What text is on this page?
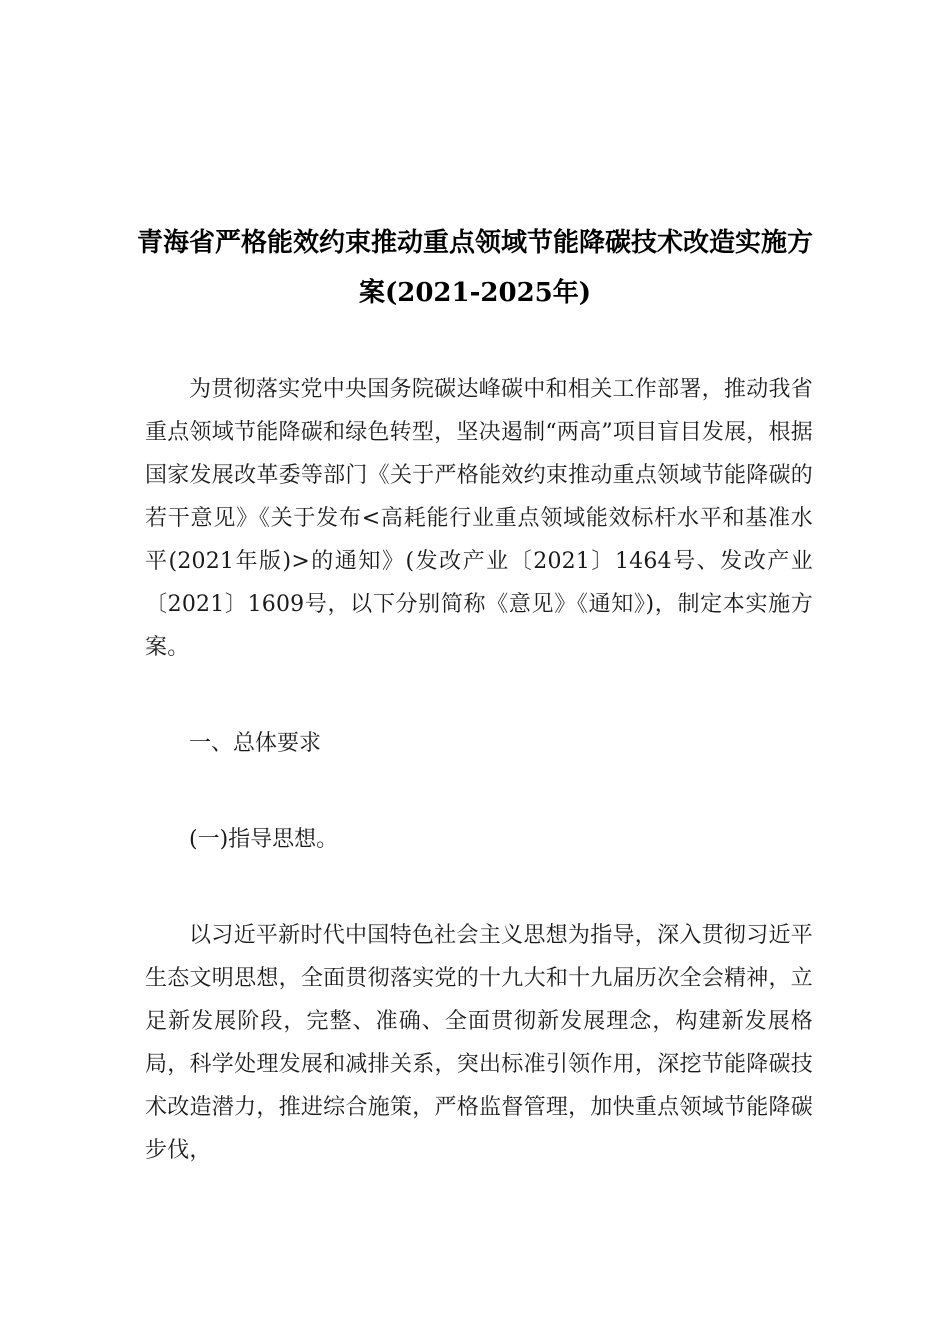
青海省严格能效约束推动重点领域节能降碳技术改造实施方
案(2021-2025年)

为贯彻落实党中央国务院碳达峰碳中和相关工作部署，推动我省重点领域节能降碳和绿色转型，坚决遏制“两高”项目盲目发展，根据国家发展改革委等部门《关于严格能效约束推动重点领域节能降碳的若干意见》《关于发布<高耗能行业重点领域能效标杆水平和基准水平(2021年版)>的通知》(发改产业〔2021〕1464号、发改产业〔2021〕1609号，以下分别简称《意见》《通知》)，制定本实施方案。

一、总体要求

(一)指导思想。

以习近平新时代中国特色社会主义思想为指导，深入贯彻习近平生态文明思想，全面贯彻落实党的十九大和十九届历次全会精神，立足新发展阶段，完整、准确、全面贯彻新发展理念，构建新发展格局，科学处理发展和减排关系，突出标准引领作用，深挖节能降碳技术改造潜力，推进综合施策，严格监督管理，加快重点领域节能降碳步伐，
